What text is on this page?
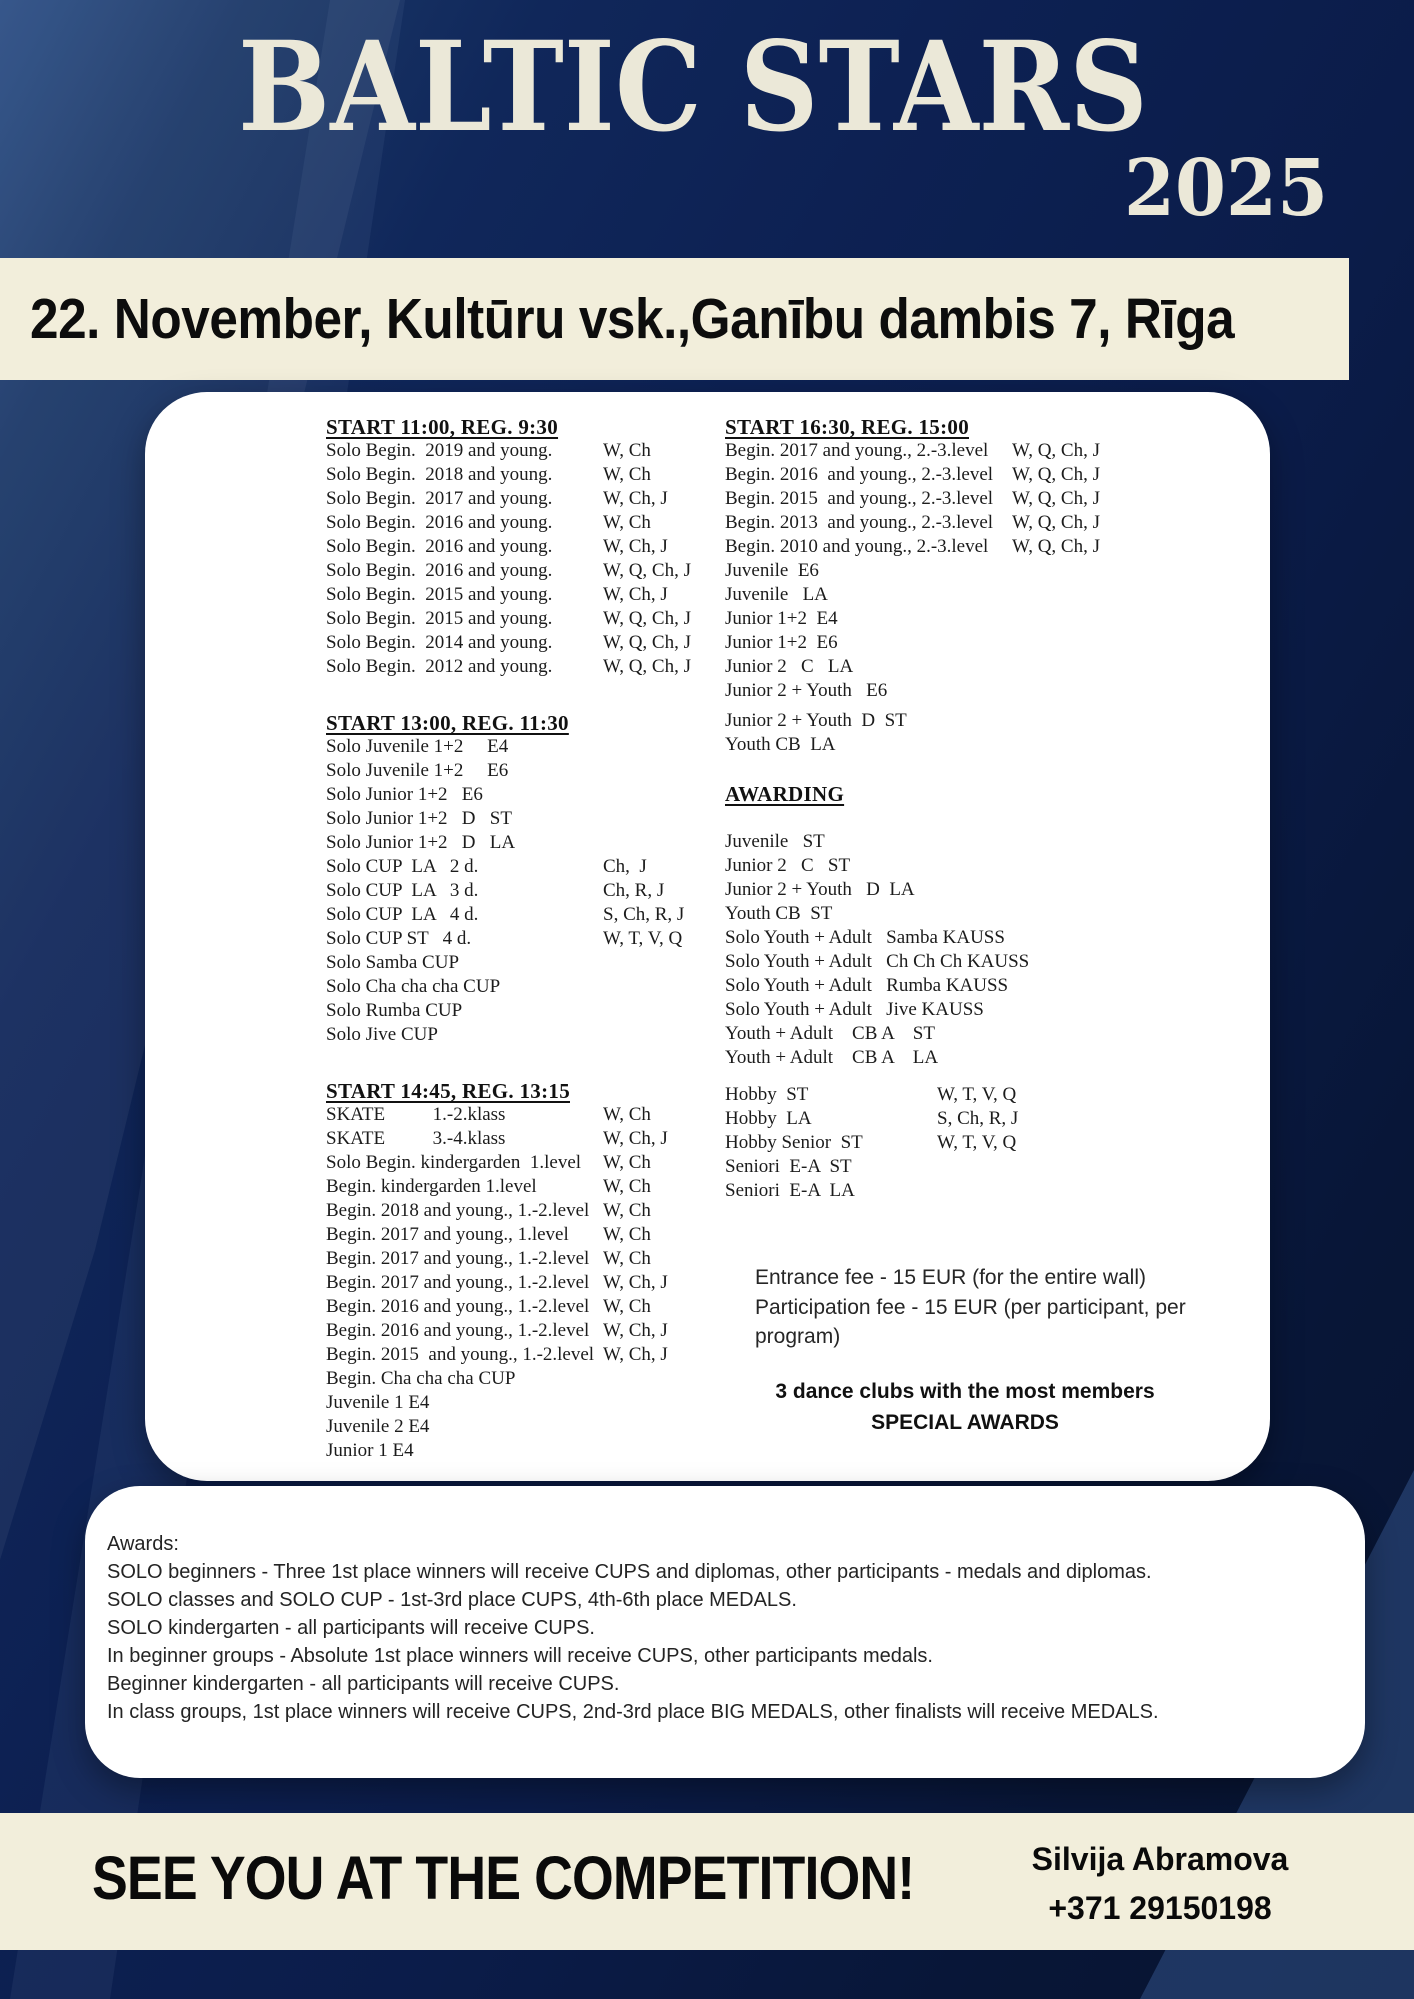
BALTIC STARS
2025
22. November, Kultūru vsk.,Ganību dambis 7, Rīga
START 11:00, REG. 9:30
Solo Begin.  2019 and young.	W, Ch
Solo Begin.  2018 and young.	W, Ch
Solo Begin.  2017 and young.	W, Ch, J
Solo Begin.  2016 and young.	W, Ch
Solo Begin.  2016 and young.	W, Ch, J
Solo Begin.  2016 and young.	W, Q, Ch, J
Solo Begin.  2015 and young.	W, Ch, J
Solo Begin.  2015 and young.	W, Q, Ch, J
Solo Begin.  2014 and young.	W, Q, Ch, J
Solo Begin.  2012 and young.	W, Q, Ch, J
START 13:00, REG. 11:30
Solo Juvenile 1+2     E4
Solo Juvenile 1+2     E6
Solo Junior 1+2   E6
Solo Junior 1+2   D   ST
Solo Junior 1+2   D   LA
Solo CUP  LA   2 d.	Ch,  J
Solo CUP  LA   3 d.	Ch, R, J
Solo CUP  LA   4 d.	S, Ch, R, J
Solo CUP ST   4 d.	W, T, V, Q
Solo Samba CUP
Solo Cha cha cha CUP
Solo Rumba CUP
Solo Jive CUP
START 14:45, REG. 13:15
SKATE          1.-2.klass	W, Ch
SKATE          3.-4.klass	W, Ch, J
Solo Begin. kindergarden  1.level W, Ch
Begin. kindergarden 1.level	W, Ch
Begin. 2018 and young., 1.-2.level W, Ch
Begin. 2017 and young., 1.level W, Ch
Begin. 2017 and young., 1.-2.level W, Ch
Begin. 2017 and young., 1.-2.level W, Ch, J
Begin. 2016 and young., 1.-2.level W, Ch
Begin. 2016 and young., 1.-2.level W, Ch, J
Begin. 2015  and young., 1.-2.level W, Ch, J
Begin. Cha cha cha CUP
Juvenile 1 E4
Juvenile 2 E4
Junior 1 E4
START 16:30, REG. 15:00
Begin. 2017 and young., 2.-3.level W, Q, Ch, J
Begin. 2016  and young., 2.-3.level W, Q, Ch, J
Begin. 2015  and young., 2.-3.level W, Q, Ch, J
Begin. 2013  and young., 2.-3.level W, Q, Ch, J
Begin. 2010 and young., 2.-3.level W, Q, Ch, J
Juvenile  E6
Juvenile   LA
Junior 1+2  E4
Junior 1+2  E6
Junior 2   C   LA
Junior 2 + Youth   E6
Junior 2 + Youth  D  ST
Youth CB  LA
AWARDING

Juvenile   ST
Junior 2   C   ST
Junior 2 + Youth   D  LA
Youth CB  ST
Solo Youth + Adult   Samba KAUSS
Solo Youth + Adult   Ch Ch Ch KAUSS
Solo Youth + Adult   Rumba KAUSS
Solo Youth + Adult   Jive KAUSS
Youth + Adult    CB A    ST
Youth + Adult    CB A    LA
Hobby  ST	W, T, V, Q
Hobby  LA	S, Ch, R, J
Hobby Senior  ST	W, T, V, Q
Seniori  E-A  ST
Seniori  E-A  LA
Entrance fee - 15 EUR (for the entire wall)
Participation fee - 15 EUR (per participant, per program)
3 dance clubs with the most members
SPECIAL AWARDS
Awards:
SOLO beginners - Three 1st place winners will receive CUPS and diplomas, other participants - medals and diplomas.
SOLO classes and SOLO CUP - 1st-3rd place CUPS, 4th-6th place MEDALS.
SOLO kindergarten - all participants will receive CUPS.
In beginner groups - Absolute 1st place winners will receive CUPS, other participants medals.
Beginner kindergarten - all participants will receive CUPS.
In class groups, 1st place winners will receive CUPS, 2nd-3rd place BIG MEDALS, other finalists will receive MEDALS.
SEE YOU AT THE COMPETITION!	Silvija Abramova
+371 29150198
